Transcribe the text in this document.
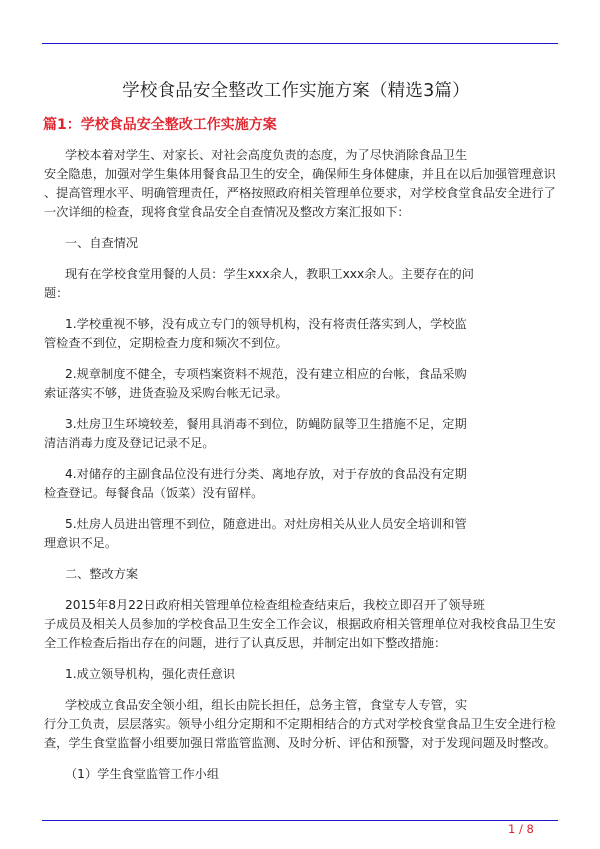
学校食品安全整改工作实施方案（精选3篇）
篇1：学校食品安全整改工作实施方案
学校本着对学生、对家长、对社会高度负责的态度，为了尽快消除食品卫生
安全隐患，加强对学生集体用餐食品卫生的安全，确保师生身体健康，并且在以后加强管理意识
、提高管理水平、明确管理责任，严格按照政府相关管理单位要求，对学校食堂食品安全进行了
一次详细的检查，现将食堂食品安全自查情况及整改方案汇报如下：
一、自查情况
现有在学校食堂用餐的人员：学生xxx余人，教职工xxx余人。主要存在的问
题：
1.学校重视不够，没有成立专门的领导机构，没有将责任落实到人，学校监
管检查不到位，定期检查力度和频次不到位。
2.规章制度不健全，专项档案资料不规范，没有建立相应的台帐，食品采购
索证落实不够，进货查验及采购台帐无记录。
3.灶房卫生环境较差，餐用具消毒不到位，防蝇防鼠等卫生措施不足，定期
清洁消毒力度及登记记录不足。
4.对储存的主副食品位没有进行分类、离地存放，对于存放的食品没有定期
检查登记。每餐食品（饭菜）没有留样。
5.灶房人员进出管理不到位，随意进出。对灶房相关从业人员安全培训和管
理意识不足。
二、整改方案
2015年8月22日政府相关管理单位检查组检查结束后，我校立即召开了领导班
子成员及相关人员参加的学校食品卫生安全工作会议，根据政府相关管理单位对我校食品卫生安
全工作检查后指出存在的问题，进行了认真反思，并制定出如下整改措施：
1.成立领导机构，强化责任意识
学校成立食品安全领小组，组长由院长担任，总务主管，食堂专人专管，实
行分工负责，层层落实。领导小组分定期和不定期相结合的方式对学校食堂食品卫生安全进行检
查，学生食堂监督小组要加强日常监管监测、及时分析、评估和预警，对于发现问题及时整改。
（1）学生食堂监管工作小组
1 / 8
